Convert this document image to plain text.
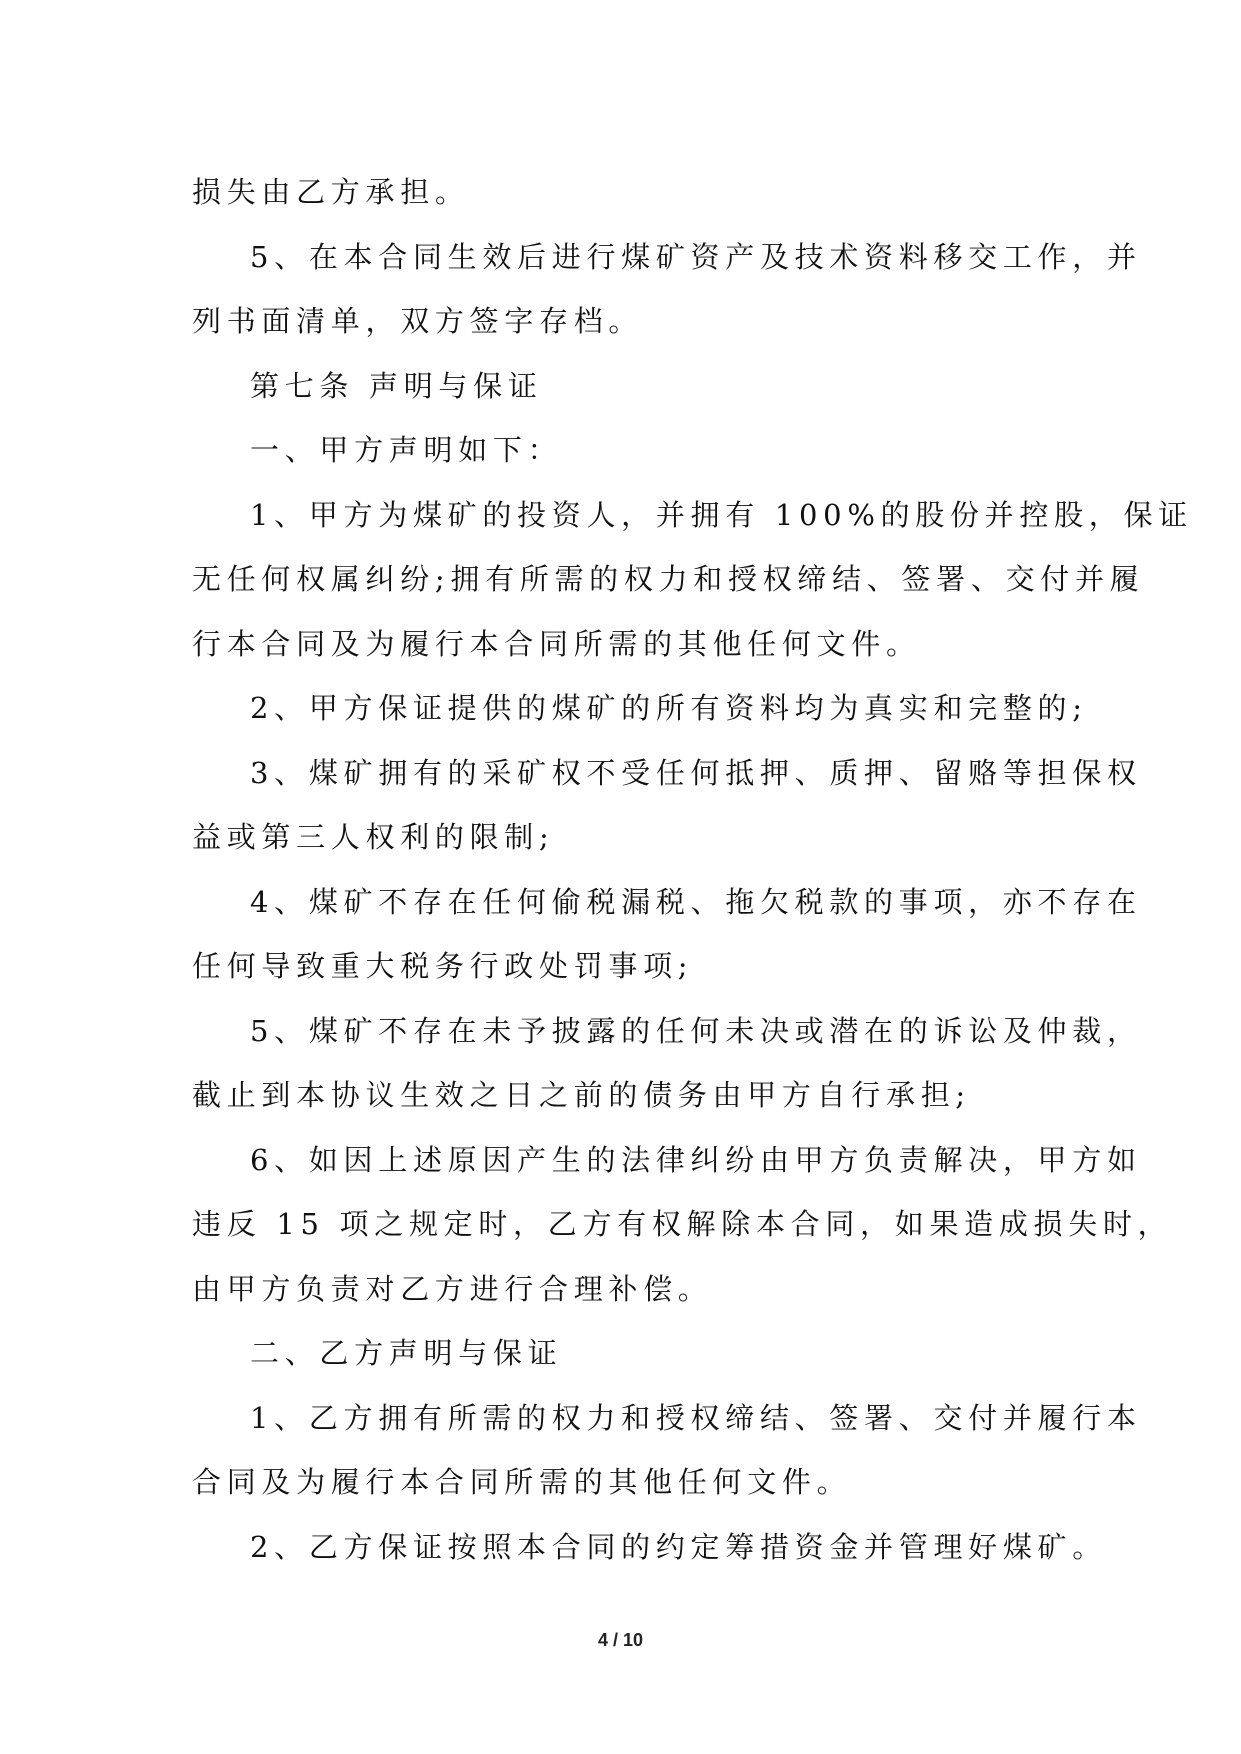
损失由乙方承担。
5、在本合同生效后进行煤矿资产及技术资料移交工作，并
列书面清单，双方签字存档。
第七条 声明与保证
一、甲方声明如下：
1、甲方为煤矿的投资人，并拥有 100%的股份并控股，保证
无任何权属纠纷;拥有所需的权力和授权缔结、签署、交付并履
行本合同及为履行本合同所需的其他任何文件。
2、甲方保证提供的煤矿的所有资料均为真实和完整的;
3、煤矿拥有的采矿权不受任何抵押、质押、留赂等担保权
益或第三人权利的限制;
4、煤矿不存在任何偷税漏税、拖欠税款的事项，亦不存在
任何导致重大税务行政处罚事项;
5、煤矿不存在未予披露的任何未决或潜在的诉讼及仲裁，
截止到本协议生效之日之前的债务由甲方自行承担;
6、如因上述原因产生的法律纠纷由甲方负责解决，甲方如
违反 15 项之规定时，乙方有权解除本合同，如果造成损失时，
由甲方负责对乙方进行合理补偿。
二、乙方声明与保证
1、乙方拥有所需的权力和授权缔结、签署、交付并履行本
合同及为履行本合同所需的其他任何文件。
2、乙方保证按照本合同的约定筹措资金并管理好煤矿。
4 / 10
